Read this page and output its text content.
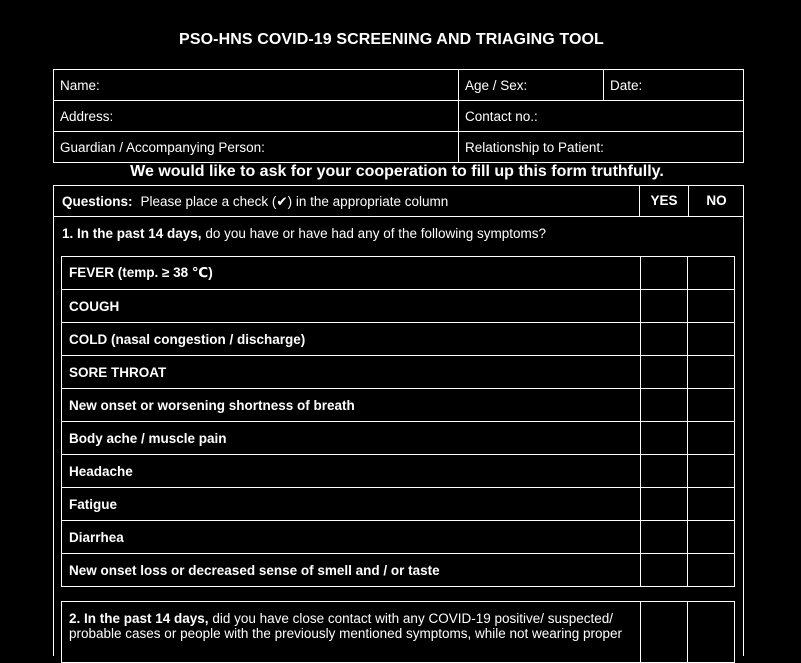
PSO-HNS COVID-19 SCREENING AND TRIAGING TOOL
Name:	Age / Sex:	Date:
Address:	Contact no.:	
Guardian / Accompanying Person:	Relationship to Patient:	
We would like to ask for your cooperation to fill up this form truthfully.
Questions: Please place a check (✔) in the appropriate column	YES	NO
1. In the past 14 days, do you have or have had any of the following symptoms?
FEVER (temp. ≥ 38 ℃)		
COUGH		
COLD (nasal congestion / discharge)		
SORE THROAT		
New onset or worsening shortness of breath		
Body ache / muscle pain		
Headache		
Fatigue		
Diarrhea		
New onset loss or decreased sense of smell and / or taste		
2. In the past 14 days, did you have close contact with any COVID-19 positive/ suspected/ probable cases or people with the previously mentioned symptoms, while not wearing proper
